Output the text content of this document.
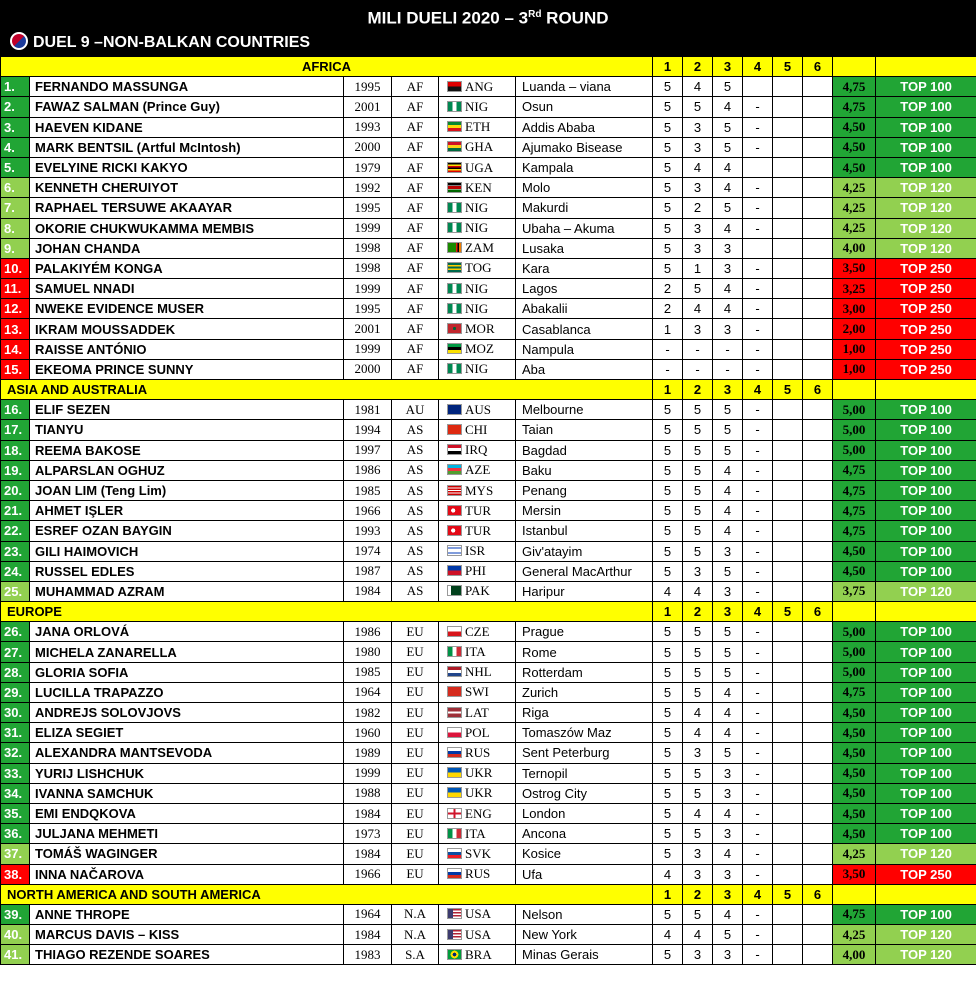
MILI DUELI 2020 – 3Rd ROUND
DUEL 9 –NON-BALKAN COUNTRIES
AFRICA						1	2	3	4	5	6		
1.	FERNANDO MASSUNGA	1995	AF	ANG	Luanda – viana	5	4	5				4,75	TOP 100
2.	FAWAZ SALMAN (Prince Guy)	2001	AF	NIG	Osun	5	5	4	-			4,75	TOP 100
3.	HAEVEN KIDANE	1993	AF	ETH	Addis Ababa	5	3	5	-			4,50	TOP 100
4.	MARK BENTSIL (Artful McIntosh)	2000	AF	GHA	Ajumako Bisease	5	3	5	-			4,50	TOP 100
5.	EVELYINE RICKI KAKYO	1979	AF	UGA	Kampala	5	4	4				4,50	TOP 100
6.	KENNETH CHERUIYOT	1992	AF	KEN	Molo	5	3	4	-			4,25	TOP 120
7.	RAPHAEL TERSUWE AKAAYAR	1995	AF	NIG	Makurdi	5	2	5	-			4,25	TOP 120
8.	OKORIE CHUKWUKAMMA MEMBIS	1999	AF	NIG	Ubaha – Akuma	5	3	4	-			4,25	TOP 120
9.	JOHAN CHANDA	1998	AF	ZAM	Lusaka	5	3	3				4,00	TOP 120
10.	PALAKIYÉM KONGA	1998	AF	TOG	Kara	5	1	3	-			3,50	TOP 250
11.	SAMUEL NNADI	1999	AF	NIG	Lagos	2	5	4	-			3,25	TOP 250
12.	NWEKE EVIDENCE MUSER	1995	AF	NIG	Abakalii	2	4	4	-			3,00	TOP 250
13.	IKRAM MOUSSADDEK	2001	AF	MOR	Casablanca	1	3	3	-			2,00	TOP 250
14.	RAISSE ANTÓNIO	1999	AF	MOZ	Nampula	-	-	-	-			1,00	TOP 250
15.	EKEOMA PRINCE SUNNY	2000	AF	NIG	Aba	-	-	-	-			1,00	TOP 250
ASIA AND AUSTRALIA						1	2	3	4	5	6		
16.	ELIF SEZEN	1981	AU	AUS	Melbourne	5	5	5	-			5,00	TOP 100
17.	TIANYU	1994	AS	CHI	Taian	5	5	5	-			5,00	TOP 100
18.	REEMA BAKOSE	1997	AS	IRQ	Bagdad	5	5	5	-			5,00	TOP 100
19.	ALPARSLAN OGHUZ	1986	AS	AZE	Baku	5	5	4	-			4,75	TOP 100
20.	JOAN LIM (Teng Lim)	1985	AS	MYS	Penang	5	5	4	-			4,75	TOP 100
21.	AHMET IŞLER	1966	AS	TUR	Mersin	5	5	4	-			4,75	TOP 100
22.	ESREF OZAN BAYGIN	1993	AS	TUR	Istanbul	5	5	4	-			4,75	TOP 100
23.	GILI HAIMOVICH	1974	AS	ISR	Giv'atayim	5	5	3	-			4,50	TOP 100
24.	RUSSEL EDLES	1987	AS	PHI	General MacArthur	5	3	5	-			4,50	TOP 100
25.	MUHAMMAD AZRAM	1984	AS	PAK	Haripur	4	4	3	-			3,75	TOP 120
EUROPE						1	2	3	4	5	6		
26.	JANA ORLOVÁ	1986	EU	CZE	Prague	5	5	5	-			5,00	TOP 100
27.	MICHELA ZANARELLA	1980	EU	ITA	Rome	5	5	5	-			5,00	TOP 100
28.	GLORIA SOFIA	1985	EU	NHL	Rotterdam	5	5	5	-			5,00	TOP 100
29.	LUCILLA TRAPAZZO	1964	EU	SWI	Zurich	5	5	4	-			4,75	TOP 100
30.	ANDREJS SOLOVJOVS	1982	EU	LAT	Riga	5	4	4	-			4,50	TOP 100
31.	ELIZA SEGIET	1960	EU	POL	Tomaszów Maz	5	4	4	-			4,50	TOP 100
32.	ALEXANDRA MANTSEVODA	1989	EU	RUS	Sent Peterburg	5	3	5	-			4,50	TOP 100
33.	YURIJ LISHCHUK	1999	EU	UKR	Ternopil	5	5	3	-			4,50	TOP 100
34.	IVANNA SAMCHUK	1988	EU	UKR	Ostrog City	5	5	3	-			4,50	TOP 100
35.	EMI ENDQKOVA	1984	EU	ENG	London	5	4	4	-			4,50	TOP 100
36.	JULJANA MEHMETI	1973	EU	ITA	Ancona	5	5	3	-			4,50	TOP 100
37.	TOMÁŠ WAGINGER	1984	EU	SVK	Kosice	5	3	4	-			4,25	TOP 120
38.	INNA NAČAROVA	1966	EU	RUS	Ufa	4	3	3	-			3,50	TOP 250
NORTH AMERICA AND SOUTH AMERICA						1	2	3	4	5	6		
39.	ANNE THROPE	1964	N.A	USA	Nelson	5	5	4	-			4,75	TOP 100
40.	MARCUS DAVIS – KISS	1984	N.A	USA	New York	4	4	5	-			4,25	TOP 120
41.	THIAGO REZENDE SOARES	1983	S.A	BRA	Minas Gerais	5	3	3	-			4,00	TOP 120
